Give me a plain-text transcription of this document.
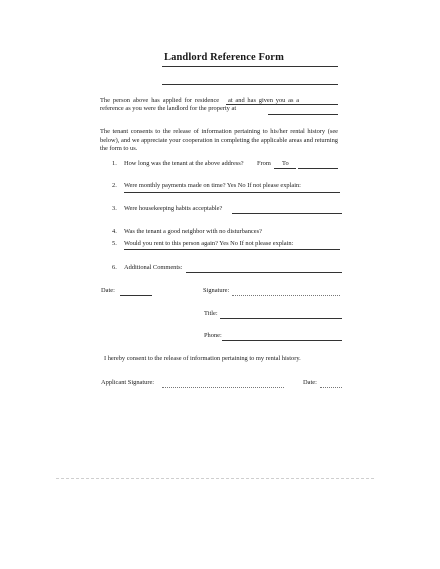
Landlord Reference Form
The person above has applied for residence at and has given you as a
reference as you were the landlord for the property at
The tenant consents to the release of information pertaining to his/her rental history (see below), and we appreciate your cooperation in completing the applicable areas and returning the form to us.
1. How long was the tenant at the above address? From To
2. Were monthly payments made on time? Yes No If not please explain:
3. Were housekeeping habits acceptable?
4. Was the tenant a good neighbor with no disturbances?
5. Would you rent to this person again? Yes No If not please explain:
6. Additional Comments:
Date:	Signature:
Title:
Phone:
I hereby consent to the release of information pertaining to my rental history.
Applicant Signature:	Date:
